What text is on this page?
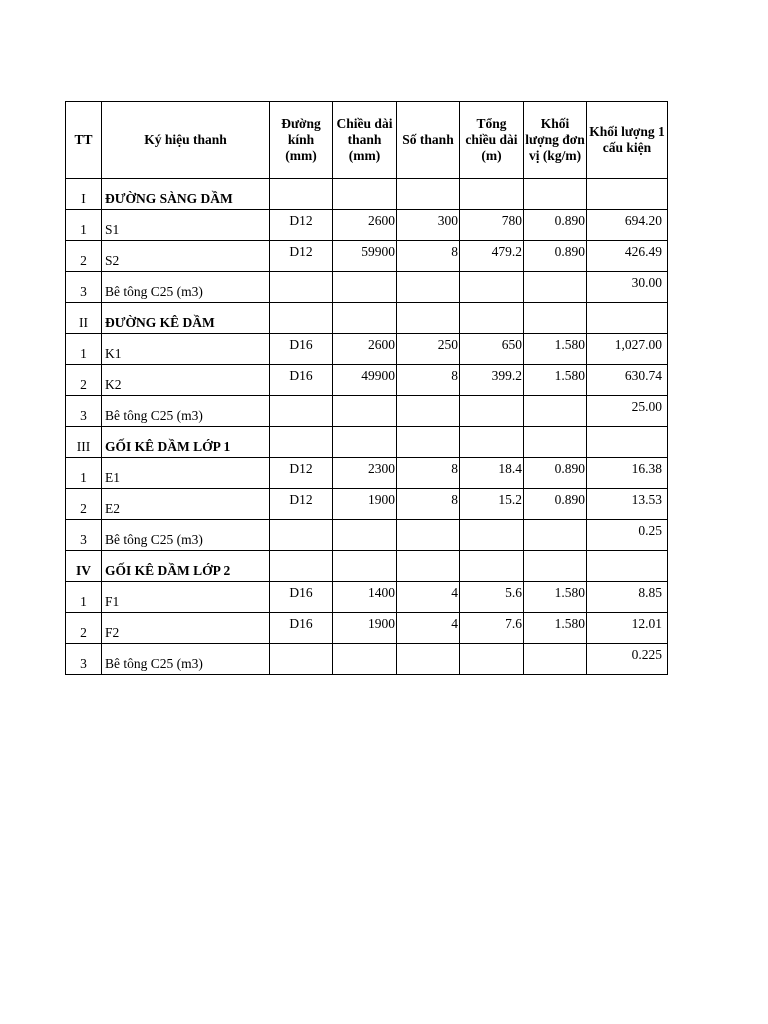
TT	Ký hiệu thanh	Đường kính (mm)	Chiều dài thanh (mm)	Số thanh	Tổng chiều dài (m)	Khối lượng đơn vị (kg/m)	Khối lượng 1 cấu kiện
I	ĐƯỜNG SÀNG DẦM						
1	S1	D12	2600	300	780	0.890	694.20
2	S2	D12	59900	8	479.2	0.890	426.49
3	Bê tông C25 (m3)						30.00
II	ĐƯỜNG KÊ DẦM						
1	K1	D16	2600	250	650	1.580	1,027.00
2	K2	D16	49900	8	399.2	1.580	630.74
3	Bê tông C25 (m3)						25.00
III	GỐI KÊ DẦM LỚP 1						
1	E1	D12	2300	8	18.4	0.890	16.38
2	E2	D12	1900	8	15.2	0.890	13.53
3	Bê tông C25 (m3)						0.25
IV	GỐI KÊ DẦM LỚP 2						
1	F1	D16	1400	4	5.6	1.580	8.85
2	F2	D16	1900	4	7.6	1.580	12.01
3	Bê tông C25 (m3)						0.225
